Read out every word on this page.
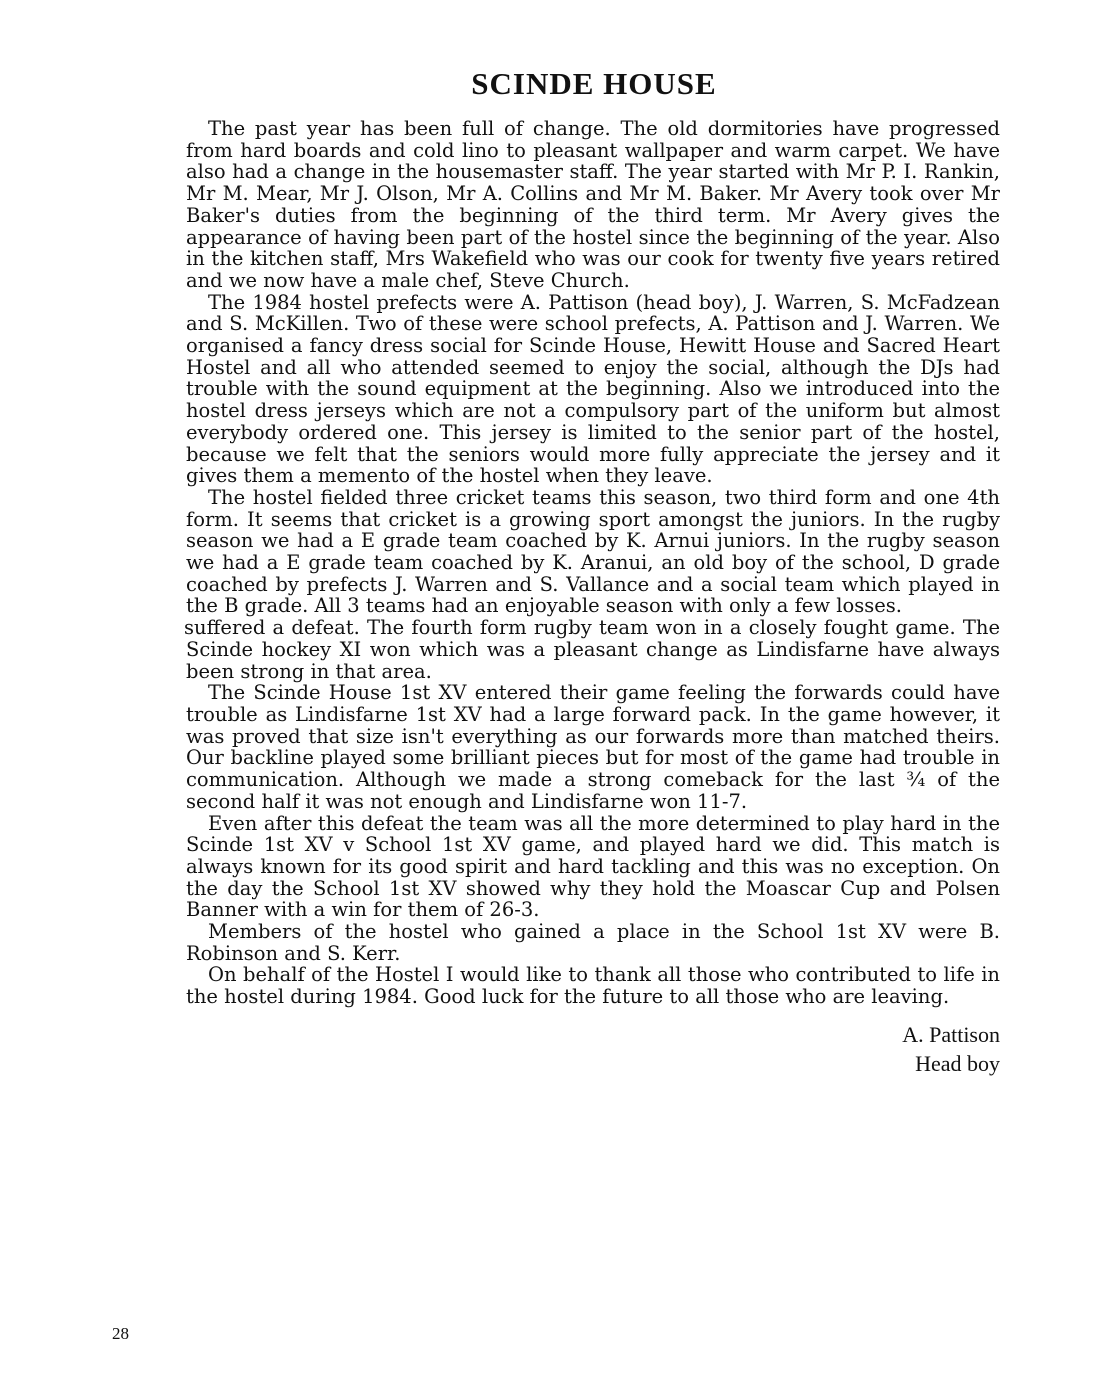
SCINDE HOUSE

The past year has been full of change. The old dormitories have progressed from hard boards and cold lino to pleasant wallpaper and warm carpet. We have also had a change in the housemaster staff. The year started with Mr P. I. Rankin, Mr M. Mear, Mr J. Olson, Mr A. Collins and Mr M. Baker. Mr Avery took over Mr Baker's duties from the beginning of the third term. Mr Avery gives the appearance of having been part of the hostel since the beginning of the year. Also in the kitchen staff, Mrs Wakefield who was our cook for twenty five years retired and we now have a male chef, Steve Church.

The 1984 hostel prefects were A. Pattison (head boy), J. Warren, S. McFadzean and S. McKillen. Two of these were school prefects, A. Pattison and J. Warren. We organised a fancy dress social for Scinde House, Hewitt House and Sacred Heart Hostel and all who attended seemed to enjoy the social, although the DJs had trouble with the sound equipment at the beginning. Also we introduced into the hostel dress jerseys which are not a compulsory part of the uniform but almost everybody ordered one. This jersey is limited to the senior part of the hostel, because we felt that the seniors would more fully appreciate the jersey and it gives them a memento of the hostel when they leave.

The hostel fielded three cricket teams this season, two third form and one 4th form. It seems that cricket is a growing sport amongst the juniors. In the rugby season we had a E grade team coached by K. Arnui juniors. In the rugby season we had a E grade team coached by K. Aranui, an old boy of the school, D grade coached by prefects J. Warren and S. Vallance and a social team which played in the B grade. All 3 teams had an enjoyable season with only a few losses.

suffered a defeat. The fourth form rugby team won in a closely fought game. The Scinde hockey XI won which was a pleasant change as Lindisfarne have always been strong in that area.

The Scinde House 1st XV entered their game feeling the forwards could have trouble as Lindisfarne 1st XV had a large forward pack. In the game however, it was proved that size isn't everything as our forwards more than matched theirs. Our backline played some brilliant pieces but for most of the game had trouble in communication. Although we made a strong comeback for the last ¾ of the second half it was not enough and Lindisfarne won 11-7.

Even after this defeat the team was all the more determined to play hard in the Scinde 1st XV v School 1st XV game, and played hard we did. This match is always known for its good spirit and hard tackling and this was no exception. On the day the School 1st XV showed why they hold the Moascar Cup and Polsen Banner with a win for them of 26-3.

Members of the hostel who gained a place in the School 1st XV were B. Robinson and S. Kerr.

On behalf of the Hostel I would like to thank all those who contributed to life in the hostel during 1984. Good luck for the future to all those who are leaving.

A. Pattison
Head boy
28
